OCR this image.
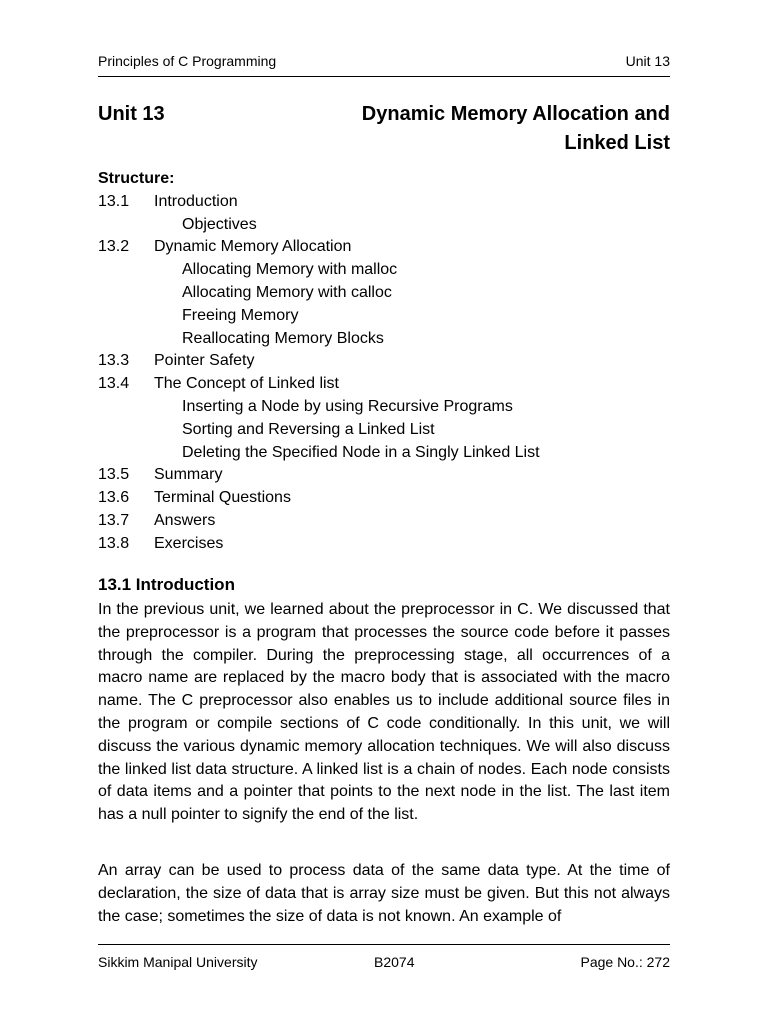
Principles of C Programming	Unit 13
Unit 13	Dynamic Memory Allocation and Linked List
Structure:
13.1 Introduction
Objectives
13.2 Dynamic Memory Allocation
Allocating Memory with malloc
Allocating Memory with calloc
Freeing Memory
Reallocating Memory Blocks
13.3 Pointer Safety
13.4 The Concept of Linked list
Inserting a Node by using Recursive Programs
Sorting and Reversing a Linked List
Deleting the Specified Node in a Singly Linked List
13.5 Summary
13.6 Terminal Questions
13.7 Answers
13.8 Exercises
13.1 Introduction

In the previous unit, we learned about the preprocessor in C. We discussed that the preprocessor is a program that processes the source code before it passes through the compiler. During the preprocessing stage, all occurrences of a macro name are replaced by the macro body that is associated with the macro name. The C preprocessor also enables us to include additional source files in the program or compile sections of C code conditionally. In this unit, we will discuss the various dynamic memory allocation techniques. We will also discuss the linked list data structure. A linked list is a chain of nodes. Each node consists of data items and a pointer that points to the next node in the list. The last item has a null pointer to signify the end of the list.

An array can be used to process data of the same data type. At the time of declaration, the size of data that is array size must be given. But this not always the case; sometimes the size of data is not known. An example of

Sikkim Manipal University	B2074	Page No.: 272
